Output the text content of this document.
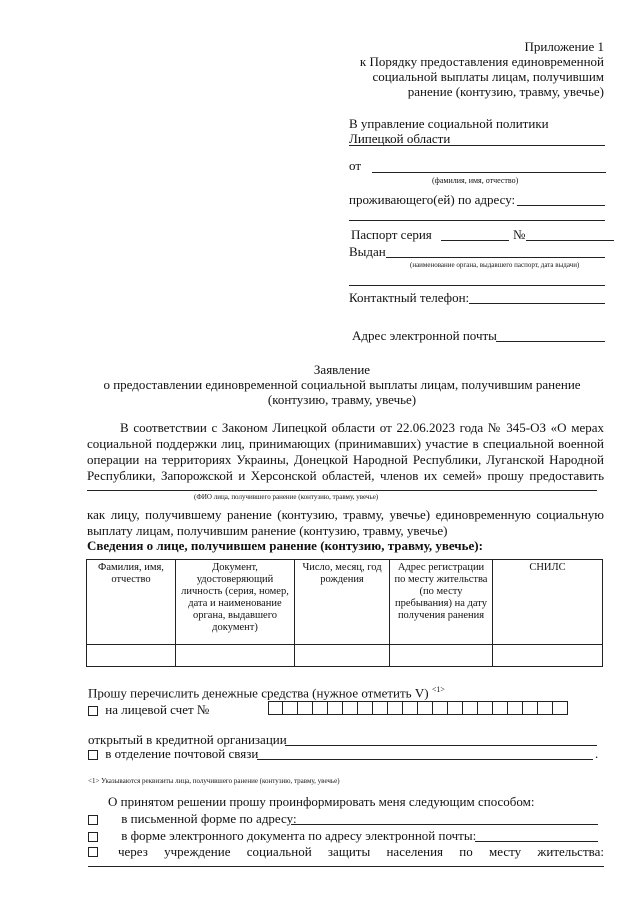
Приложение 1
к Порядку предоставления единовременной
социальной выплаты лицам, получившим
ранение (контузию, травму, увечье)
В управление социальной политики
Липецкой области
от
(фамилия, имя, отчество)
проживающего(ей) по адресу:
Паспорт серия	№
Выдан
(наименование органа, выдавшего паспорт, дата выдачи)
Контактный телефон:
Адрес электронной почты
Заявление
о предоставлении единовременной социальной выплаты лицам, получившим ранение
(контузию, травму, увечье)
В соответствии с Законом Липецкой области от 22.06.2023 года № 345-ОЗ «О мерах
социальной поддержки лиц, принимающих (принимавших) участие в специальной военной
операции на территориях Украины, Донецкой Народной Республики, Луганской Народной
Республики, Запорожской и Херсонской областей, членов их семей» прошу предоставить
(ФИО лица, получившего ранение (контузию, травму, увечье)
как лицу, получившему ранение (контузию, травму, увечье) единовременную социальную
выплату лицам, получившим ранение (контузию, травму, увечье)
Сведения о лице, получившем ранение (контузию, травму, увечье):
Фамилия, имя, отчество	Документ, удостоверяющий личность (серия, номер, дата и наименование органа, выдавшего документ)	Число, месяц, год рождения	Адрес регистрации по месту жительства (по месту пребывания) на дату получения ранения	СНИЛС

Прошу перечислить денежные средства (нужное отметить V) $^{<1>}$
на лицевой счет №
открытый в кредитной организации
в отделение почтовой связи	.
<1> Указываются реквизиты лица, получившего ранение (контузию, травму, увечье)
О принятом решении прошу проинформировать меня следующим способом:
в письменной форме по адресу:
в форме электронного документа по адресу электронной почты:
через учреждение социальной защиты населения по месту жительства:
